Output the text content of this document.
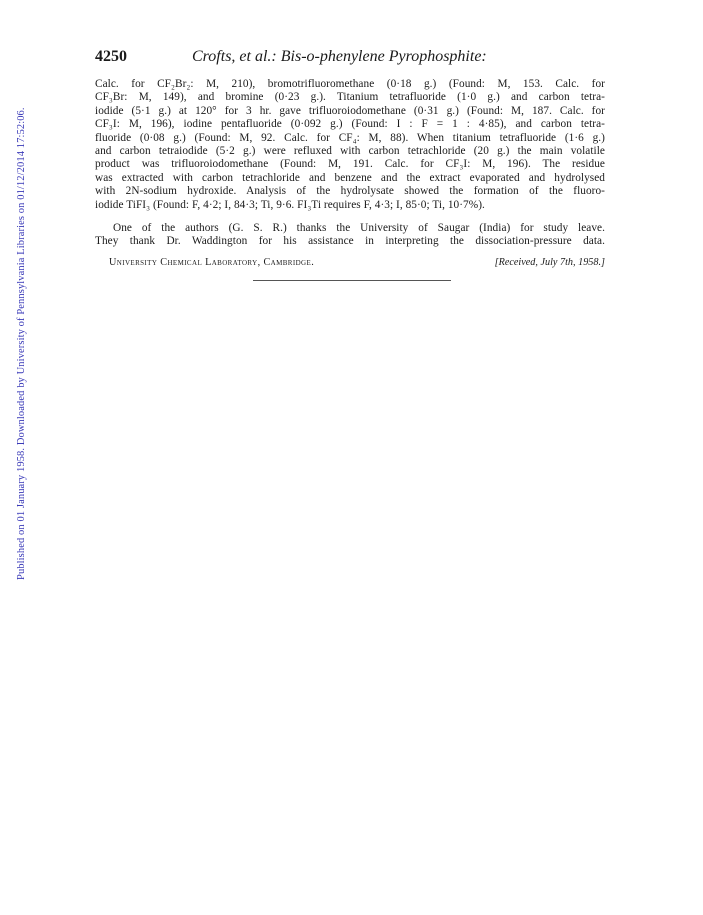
Published on 01 January 1958. Downloaded by University of Pennsylvania Libraries on 01/12/2014 17:52:06.
4250	Crofts, et al.: Bis-o-phenylene Pyrophosphite:
Calc. for CF₂Br₂: M, 210), bromotrifluoromethane (0·18 g.) (Found: M, 153. Calc. for
CF₃Br: M, 149), and bromine (0·23 g.). Titanium tetrafluoride (1·0 g.) and carbon tetra-
iodide (5·1 g.) at 120° for 3 hr. gave trifluoroiodomethane (0·31 g.) (Found: M, 187. Calc. for
CF₃I: M, 196), iodine pentafluoride (0·092 g.) (Found: I : F = 1 : 4·85), and carbon tetra-
fluoride (0·08 g.) (Found: M, 92. Calc. for CF₄: M, 88). When titanium tetrafluoride (1·6 g.)
and carbon tetraiodide (5·2 g.) were refluxed with carbon tetrachloride (20 g.) the main volatile
product was trifluoroiodomethane (Found: M, 191. Calc. for CF₃I: M, 196). The residue
was extracted with carbon tetrachloride and benzene and the extract evaporated and hydrolysed
with 2N-sodium hydroxide. Analysis of the hydrolysate showed the formation of the fluoro-
iodide TiFI₃ (Found: F, 4·2; I, 84·3; Ti, 9·6. FI₃Ti requires F, 4·3; I, 85·0; Ti, 10·7%).
One of the authors (G. S. R.) thanks the University of Saugar (India) for study leave.
They thank Dr. Waddington for his assistance in interpreting the dissociation-pressure data.
University Chemical Laboratory, Cambridge.	[Received, July 7th, 1958.]
